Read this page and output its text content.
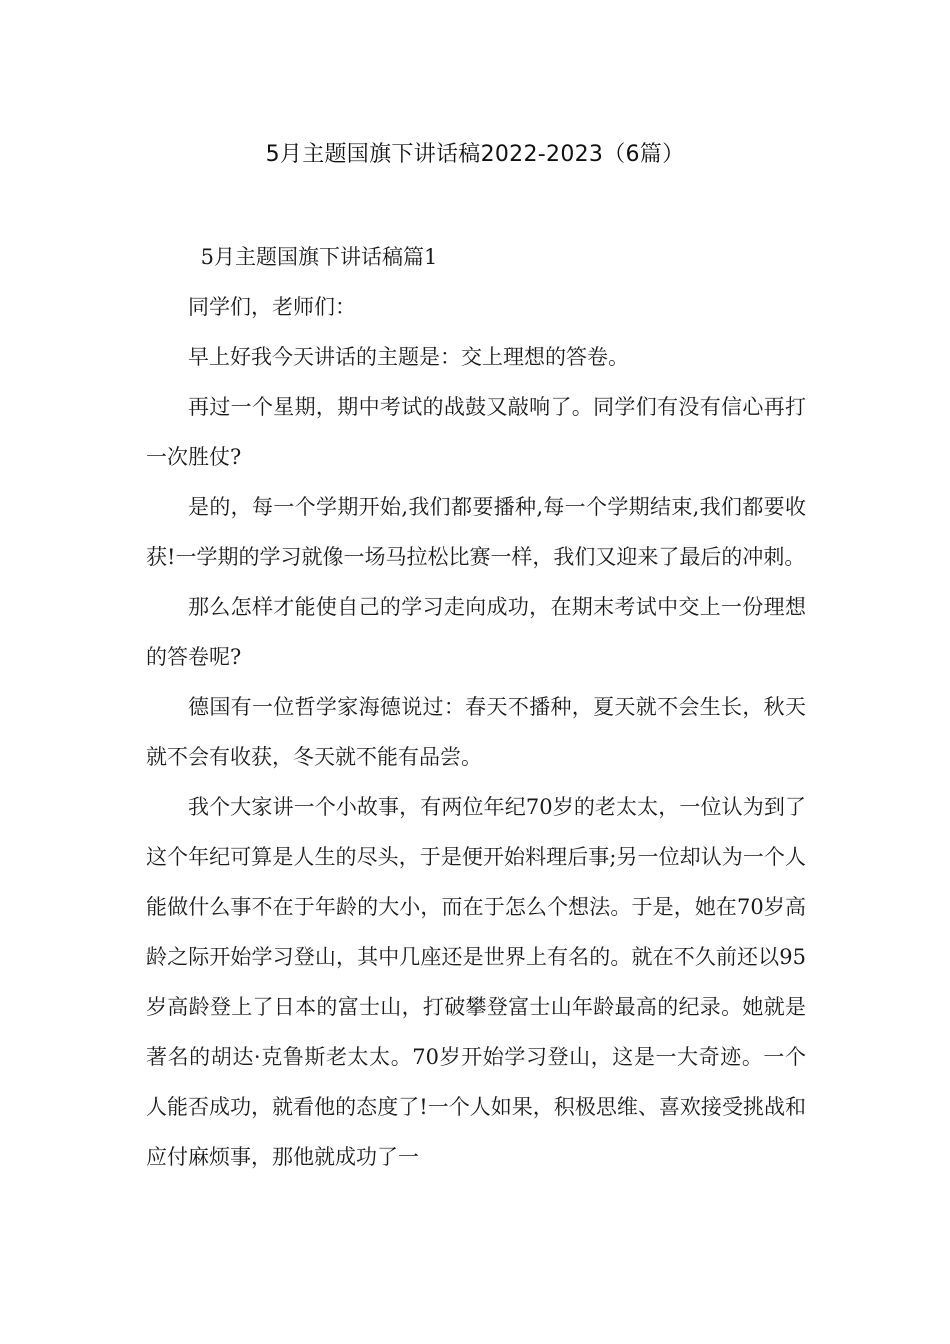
5月主题国旗下讲话稿2022-2023（6篇）

5月主题国旗下讲话稿篇1

同学们，老师们：

早上好我今天讲话的主题是：交上理想的答卷。

再过一个星期，期中考试的战鼓又敲响了。同学们有没有信心再打一次胜仗?

是的，每一个学期开始,我们都要播种,每一个学期结束,我们都要收获!一学期的学习就像一场马拉松比赛一样，我们又迎来了最后的冲刺。

那么怎样才能使自己的学习走向成功，在期末考试中交上一份理想的答卷呢?

德国有一位哲学家海德说过：春天不播种，夏天就不会生长，秋天就不会有收获，冬天就不能有品尝。

我个大家讲一个小故事，有两位年纪70岁的老太太，一位认为到了这个年纪可算是人生的尽头，于是便开始料理后事;另一位却认为一个人能做什么事不在于年龄的大小，而在于怎么个想法。于是，她在70岁高龄之际开始学习登山，其中几座还是世界上有名的。就在不久前还以95岁高龄登上了日本的富士山，打破攀登富士山年龄最高的纪录。她就是著名的胡达·克鲁斯老太太。70岁开始学习登山，这是一大奇迹。一个人能否成功，就看他的态度了!一个人如果，积极思维、喜欢接受挑战和应付麻烦事，那他就成功了一
